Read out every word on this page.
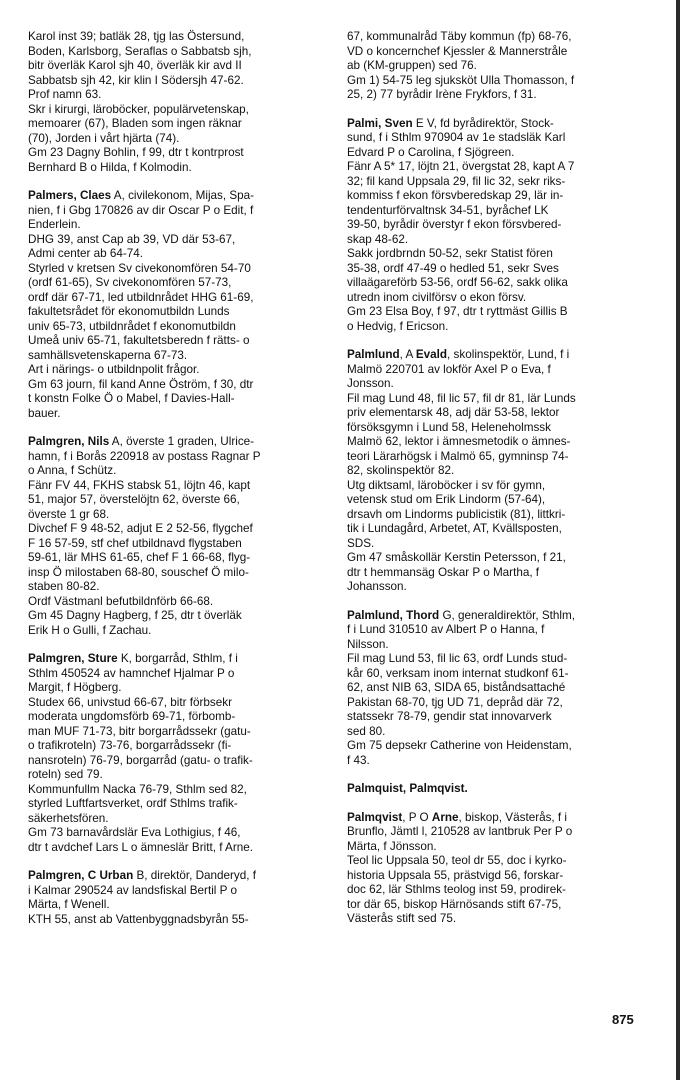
Karol inst 39; batläk 28, tjg las Östersund,

Boden, Karlsborg, Seraflas o Sabbatsb sjh,

bitr överläk Karol sjh 40, överläk kir avd II

Sabbatsb sjh 42, kir klin I Södersjh 47-62.

Prof namn 63.

Skr i kirurgi, läroböcker, populärvetenskap,

memoarer (67), Bladen som ingen räknar

(70), Jorden i vårt hjärta (74).

Gm 23 Dagny Bohlin, f 99, dtr t kontrprost

Bernhard B o Hilda, f Kolmodin.

Palmers, Claes A, civilekonom, Mijas, Spa-

nien, f i Gbg 170826 av dir Oscar P o Edit, f

Enderlein.

DHG 39, anst Cap ab 39, VD där 53-67,

Admi center ab 64-74.

Styrled v kretsen Sv civekonomfören 54-70

(ordf 61-65), Sv civekonomfören 57-73,

ordf där 67-71, led utbildnrådet HHG 61-69,

fakultetsrådet för ekonomutbildn Lunds

univ 65-73, utbildnrådet f ekonomutbildn

Umeå univ 65-71, fakultetsberedn f rätts- o

samhällsvetenskaperna 67-73.

Art i närings- o utbildnpolit frågor.

Gm 63 journ, fil kand Anne Öström, f 30, dtr

t konstn Folke Ö o Mabel, f Davies-Hall-

bauer.

Palmgren, Nils A, överste 1 graden, Ulrice-

hamn, f i Borås 220918 av postass Ragnar P

o Anna, f Schütz.

Fänr FV 44, FKHS stabsk 51, löjtn 46, kapt

51, major 57, överstelöjtn 62, överste 66,

överste 1 gr 68.

Divchef F 9 48-52, adjut E 2 52-56, flygchef

F 16 57-59, stf chef utbildnavd flygstaben

59-61, lär MHS 61-65, chef F 1 66-68, flyg-

insp Ö milostaben 68-80, souschef Ö milo-

staben 80-82.

Ordf Västmanl befutbildnförb 66-68.

Gm 45 Dagny Hagberg, f 25, dtr t överläk

Erik H o Gulli, f Zachau.

Palmgren, Sture K, borgarråd, Sthlm, f i

Sthlm 450524 av hamnchef Hjalmar P o

Margit, f Högberg.

Studex 66, univstud 66-67, bitr förbsekr

moderata ungdomsförb 69-71, förbomb-

man MUF 71-73, bitr borgarrådssekr (gatu-

o trafikroteln) 73-76, borgarrådssekr (fi-

nansroteln) 76-79, borgarråd (gatu- o trafik-

roteln) sed 79.

Kommunfullm Nacka 76-79, Sthlm sed 82,

styrled Luftfartsverket, ordf Sthlms trafik-

säkerhetsfören.

Gm 73 barnavårdslär Eva Lothigius, f 46,

dtr t avdchef Lars L o ämneslär Britt, f Arne.

Palmgren, C Urban B, direktör, Danderyd, f

i Kalmar 290524 av landsfiskal Bertil P o

Märta, f Wenell.

KTH 55, anst ab Vattenbyggnadsbyrån 55-

67, kommunalråd Täby kommun (fp) 68-76,

VD o koncernchef Kjessler & Mannerstråle

ab (KM-gruppen) sed 76.

Gm 1) 54-75 leg sjuksköt Ulla Thomasson, f

25, 2) 77 byrådir Irène Frykfors, f 31.

Palmi, Sven E V, fd byrådirektör, Stock-

sund, f i Sthlm 970904 av 1e stadsläk Karl

Edvard P o Carolina, f Sjögreen.

Fänr A 5* 17, löjtn 21, övergstat 28, kapt A 7

32; fil kand Uppsala 29, fil lic 32, sekr riks-

kommiss f ekon försvberedskap 29, lär in-

tendenturförvaltnsk 34-51, byråchef LK

39-50, byrådir överstyr f ekon försvbered-

skap 48-62.

Sakk jordbrndn 50-52, sekr Statist fören

35-38, ordf 47-49 o hedled 51, sekr Sves

villaägareförb 53-56, ordf 56-62, sakk olika

utredn inom civilförsv o ekon försv.

Gm 23 Elsa Boy, f 97, dtr t ryttmäst Gillis B

o Hedvig, f Ericson.

Palmlund, A Evald, skolinspektör, Lund, f i

Malmö 220701 av lokför Axel P o Eva, f

Jonsson.

Fil mag Lund 48, fil lic 57, fil dr 81, lär Lunds

priv elementarsk 48, adj där 53-58, lektor

försöksgymn i Lund 58, Heleneholmssk

Malmö 62, lektor i ämnesmetodik o ämnes-

teori Lärarhögsk i Malmö 65, gymninsp 74-

82, skolinspektör 82.

Utg diktsaml, läroböcker i sv för gymn,

vetensk stud om Erik Lindorm (57-64),

drsavh om Lindorms publicistik (81), littkri-

tik i Lundagård, Arbetet, AT, Kvällsposten,

SDS.

Gm 47 småskollär Kerstin Petersson, f 21,

dtr t hemmansäg Oskar P o Martha, f

Johansson.

Palmlund, Thord G, generaldirektör, Sthlm,

f i Lund 310510 av Albert P o Hanna, f

Nilsson.

Fil mag Lund 53, fil lic 63, ordf Lunds stud-

kår 60, verksam inom internat studkonf 61-

62, anst NIB 63, SIDA 65, biståndsattaché

Pakistan 68-70, tjg UD 71, depråd där 72,

statssekr 78-79, gendir stat innovarverk

sed 80.

Gm 75 depsekr Catherine von Heidenstam,

f 43.

Palmquist, Palmqvist.

Palmqvist, P O Arne, biskop, Västerås, f i

Brunflo, Jämtl l, 210528 av lantbruk Per P o

Märta, f Jönsson.

Teol lic Uppsala 50, teol dr 55, doc i kyrko-

historia Uppsala 55, prästvigd 56, forskar-

doc 62, lär Sthlms teolog inst 59, prodirek-

tor där 65, biskop Härnösands stift 67-75,

Västerås stift sed 75.

875
